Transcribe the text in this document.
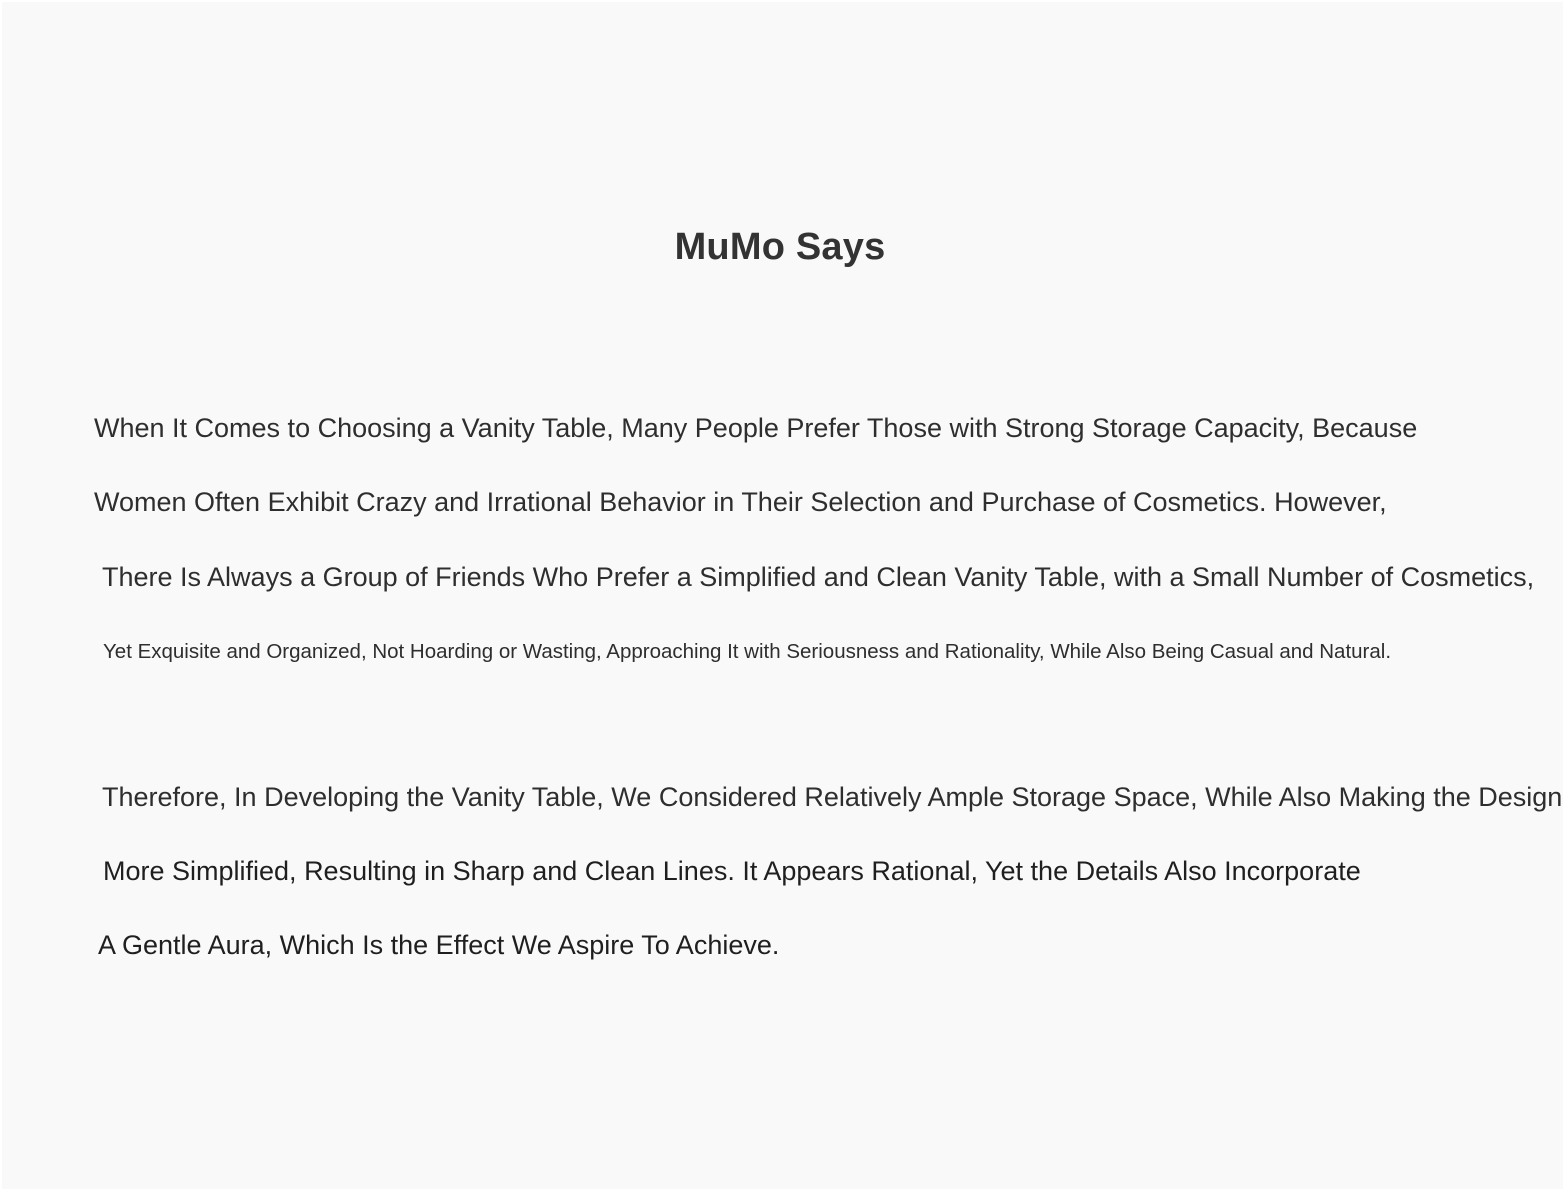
MuMo Says

When It Comes to Choosing a Vanity Table, Many People Prefer Those with Strong Storage Capacity, Because

Women Often Exhibit Crazy and Irrational Behavior in Their Selection and Purchase of Cosmetics. However,

There Is Always a Group of Friends Who Prefer a Simplified and Clean Vanity Table, with a Small Number of Cosmetics,

Yet Exquisite and Organized, Not Hoarding or Wasting, Approaching It with Seriousness and Rationality, While Also Being Casual and Natural.

Therefore, In Developing the Vanity Table, We Considered Relatively Ample Storage Space, While Also Making the Design

More Simplified, Resulting in Sharp and Clean Lines. It Appears Rational, Yet the Details Also Incorporate

A Gentle Aura, Which Is the Effect We Aspire To Achieve.
